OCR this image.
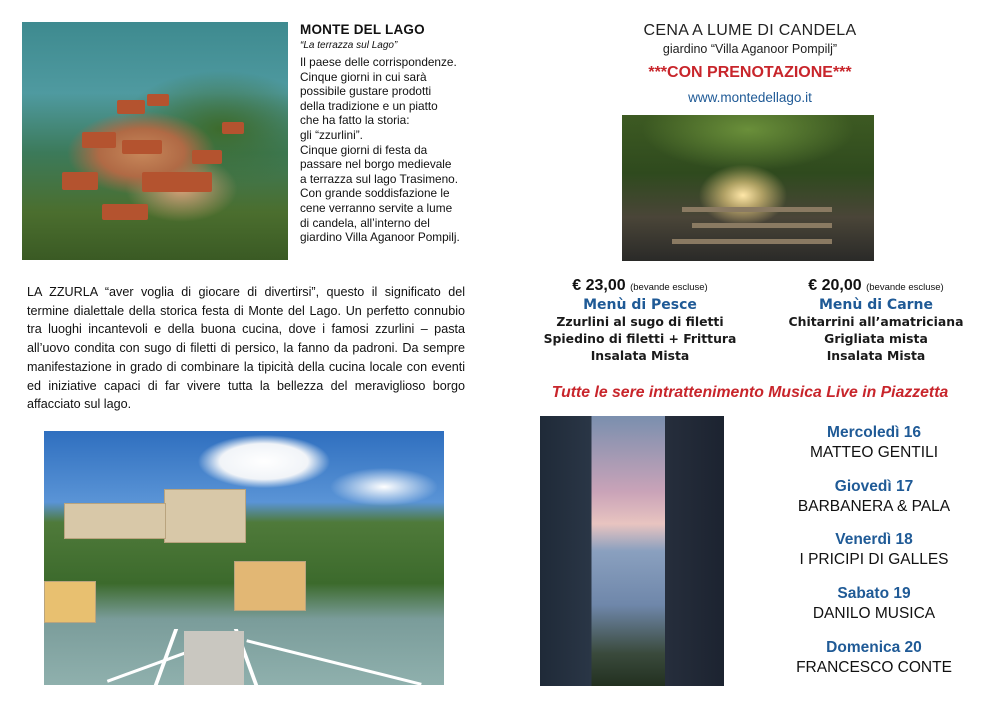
MONTE DEL LAGO
“La terrazza sul Lago”
Il paese delle corrispondenze.
Cinque giorni in cui sarà
possibile gustare prodotti
della tradizione e un piatto
che ha fatto la storia:
gli “zzurlini”.
Cinque giorni di festa da
passare nel borgo medievale
a terrazza sul lago Trasimeno.
Con grande soddisfazione le
cene verranno servite a lume
di candela, all’interno del
giardino Villa Aganoor Pompilj.
LA ZZURLA “aver voglia di giocare di divertirsi”, questo il significato del termine dialettale della storica festa di Monte del Lago. Un perfetto connubio tra luoghi incantevoli e della buona cucina, dove i famosi zzurlini – pasta all’uovo condita con sugo di filetti di persico, la fanno da padroni. Da sempre manifestazione in grado di combinare la tipicità della cucina locale con eventi ed iniziative capaci di far vivere tutta la bellezza del meraviglioso borgo affacciato sul lago.
CENA A LUME DI CANDELA
giardino “Villa Aganoor Pompilj”
***CON PRENOTAZIONE***
www.montedellago.it
€ 23,00 (bevande escluse)
Menù di Pesce
Zzurlini al sugo di filetti
Spiedino di filetti + Frittura
Insalata Mista
€ 20,00 (bevande escluse)
Menù di Carne
Chitarrini all’amatriciana
Grigliata mista
Insalata Mista
Tutte le sere intrattenimento Musica Live in Piazzetta
Mercoledì 16
MATTEO GENTILI
Giovedì 17
BARBANERA & PALA
Venerdì 18
I PRICIPI DI GALLES
Sabato 19
DANILO MUSICA
Domenica 20
FRANCESCO CONTE
